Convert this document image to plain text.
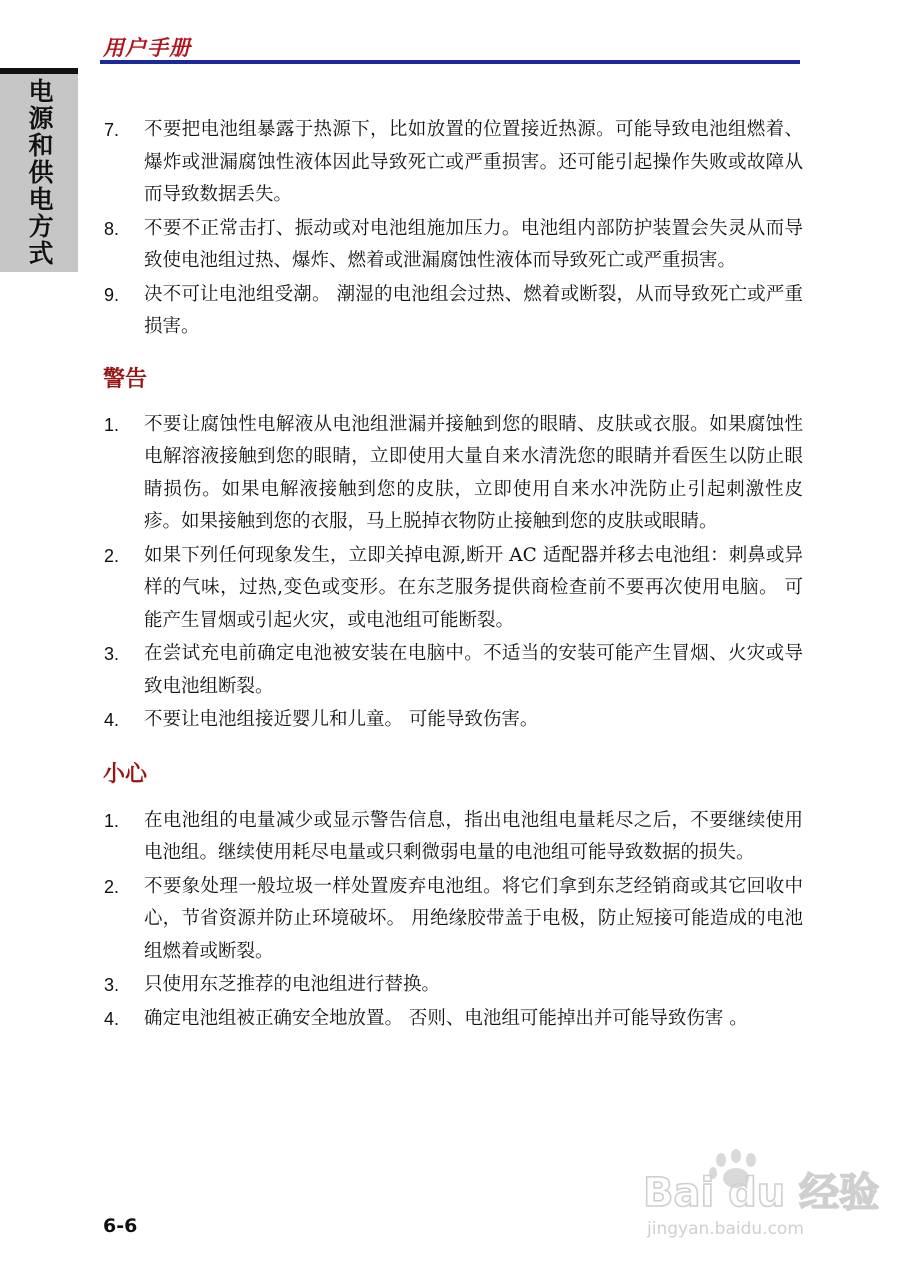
用户手册
电源和供电方式	7. 不要把电池组暴露于热源下，比如放置的位置接近热源。可能导致电池组燃着、爆炸或泄漏腐蚀性液体因此导致死亡或严重损害。还可能引起操作失败或故障从而导致数据丢失。
8. 不要不正常击打、振动或对电池组施加压力。电池组内部防护装置会失灵从而导致使电池组过热、爆炸、燃着或泄漏腐蚀性液体而导致死亡或严重损害。
9. 决不可让电池组受潮。 潮湿的电池组会过热、燃着或断裂，从而导致死亡或严重损害。
警告
1. 不要让腐蚀性电解液从电池组泄漏并接触到您的眼睛、皮肤或衣服。如果腐蚀性电解溶液接触到您的眼睛，立即使用大量自来水清洗您的眼睛并看医生以防止眼睛损伤。如果电解液接触到您的皮肤，立即使用自来水冲洗防止引起刺激性皮疹。如果接触到您的衣服，马上脱掉衣物防止接触到您的皮肤或眼睛。
2. 如果下列任何现象发生，立即关掉电源,断开 AC 适配器并移去电池组：刺鼻或异样的气味，过热,变色或变形。在东芝服务提供商检查前不要再次使用电脑。 可能产生冒烟或引起火灾，或电池组可能断裂。
3. 在尝试充电前确定电池被安装在电脑中。不适当的安装可能产生冒烟、火灾或导致电池组断裂。
4. 不要让电池组接近婴儿和儿童。 可能导致伤害。
小心
1. 在电池组的电量减少或显示警告信息，指出电池组电量耗尽之后，不要继续使用电池组。继续使用耗尽电量或只剩微弱电量的电池组可能导致数据的损失。
2. 不要象处理一般垃圾一样处置废弃电池组。将它们拿到东芝经销商或其它回收中心，节省资源并防止环境破坏。 用绝缘胶带盖于电极，防止短接可能造成的电池组燃着或断裂。
3. 只使用东芝推荐的电池组进行替换。
4. 确定电池组被正确安全地放置。 否则、电池组可能掉出并可能导致伤害 。
6-6
Bai du 经验
jingyan.baidu.com
